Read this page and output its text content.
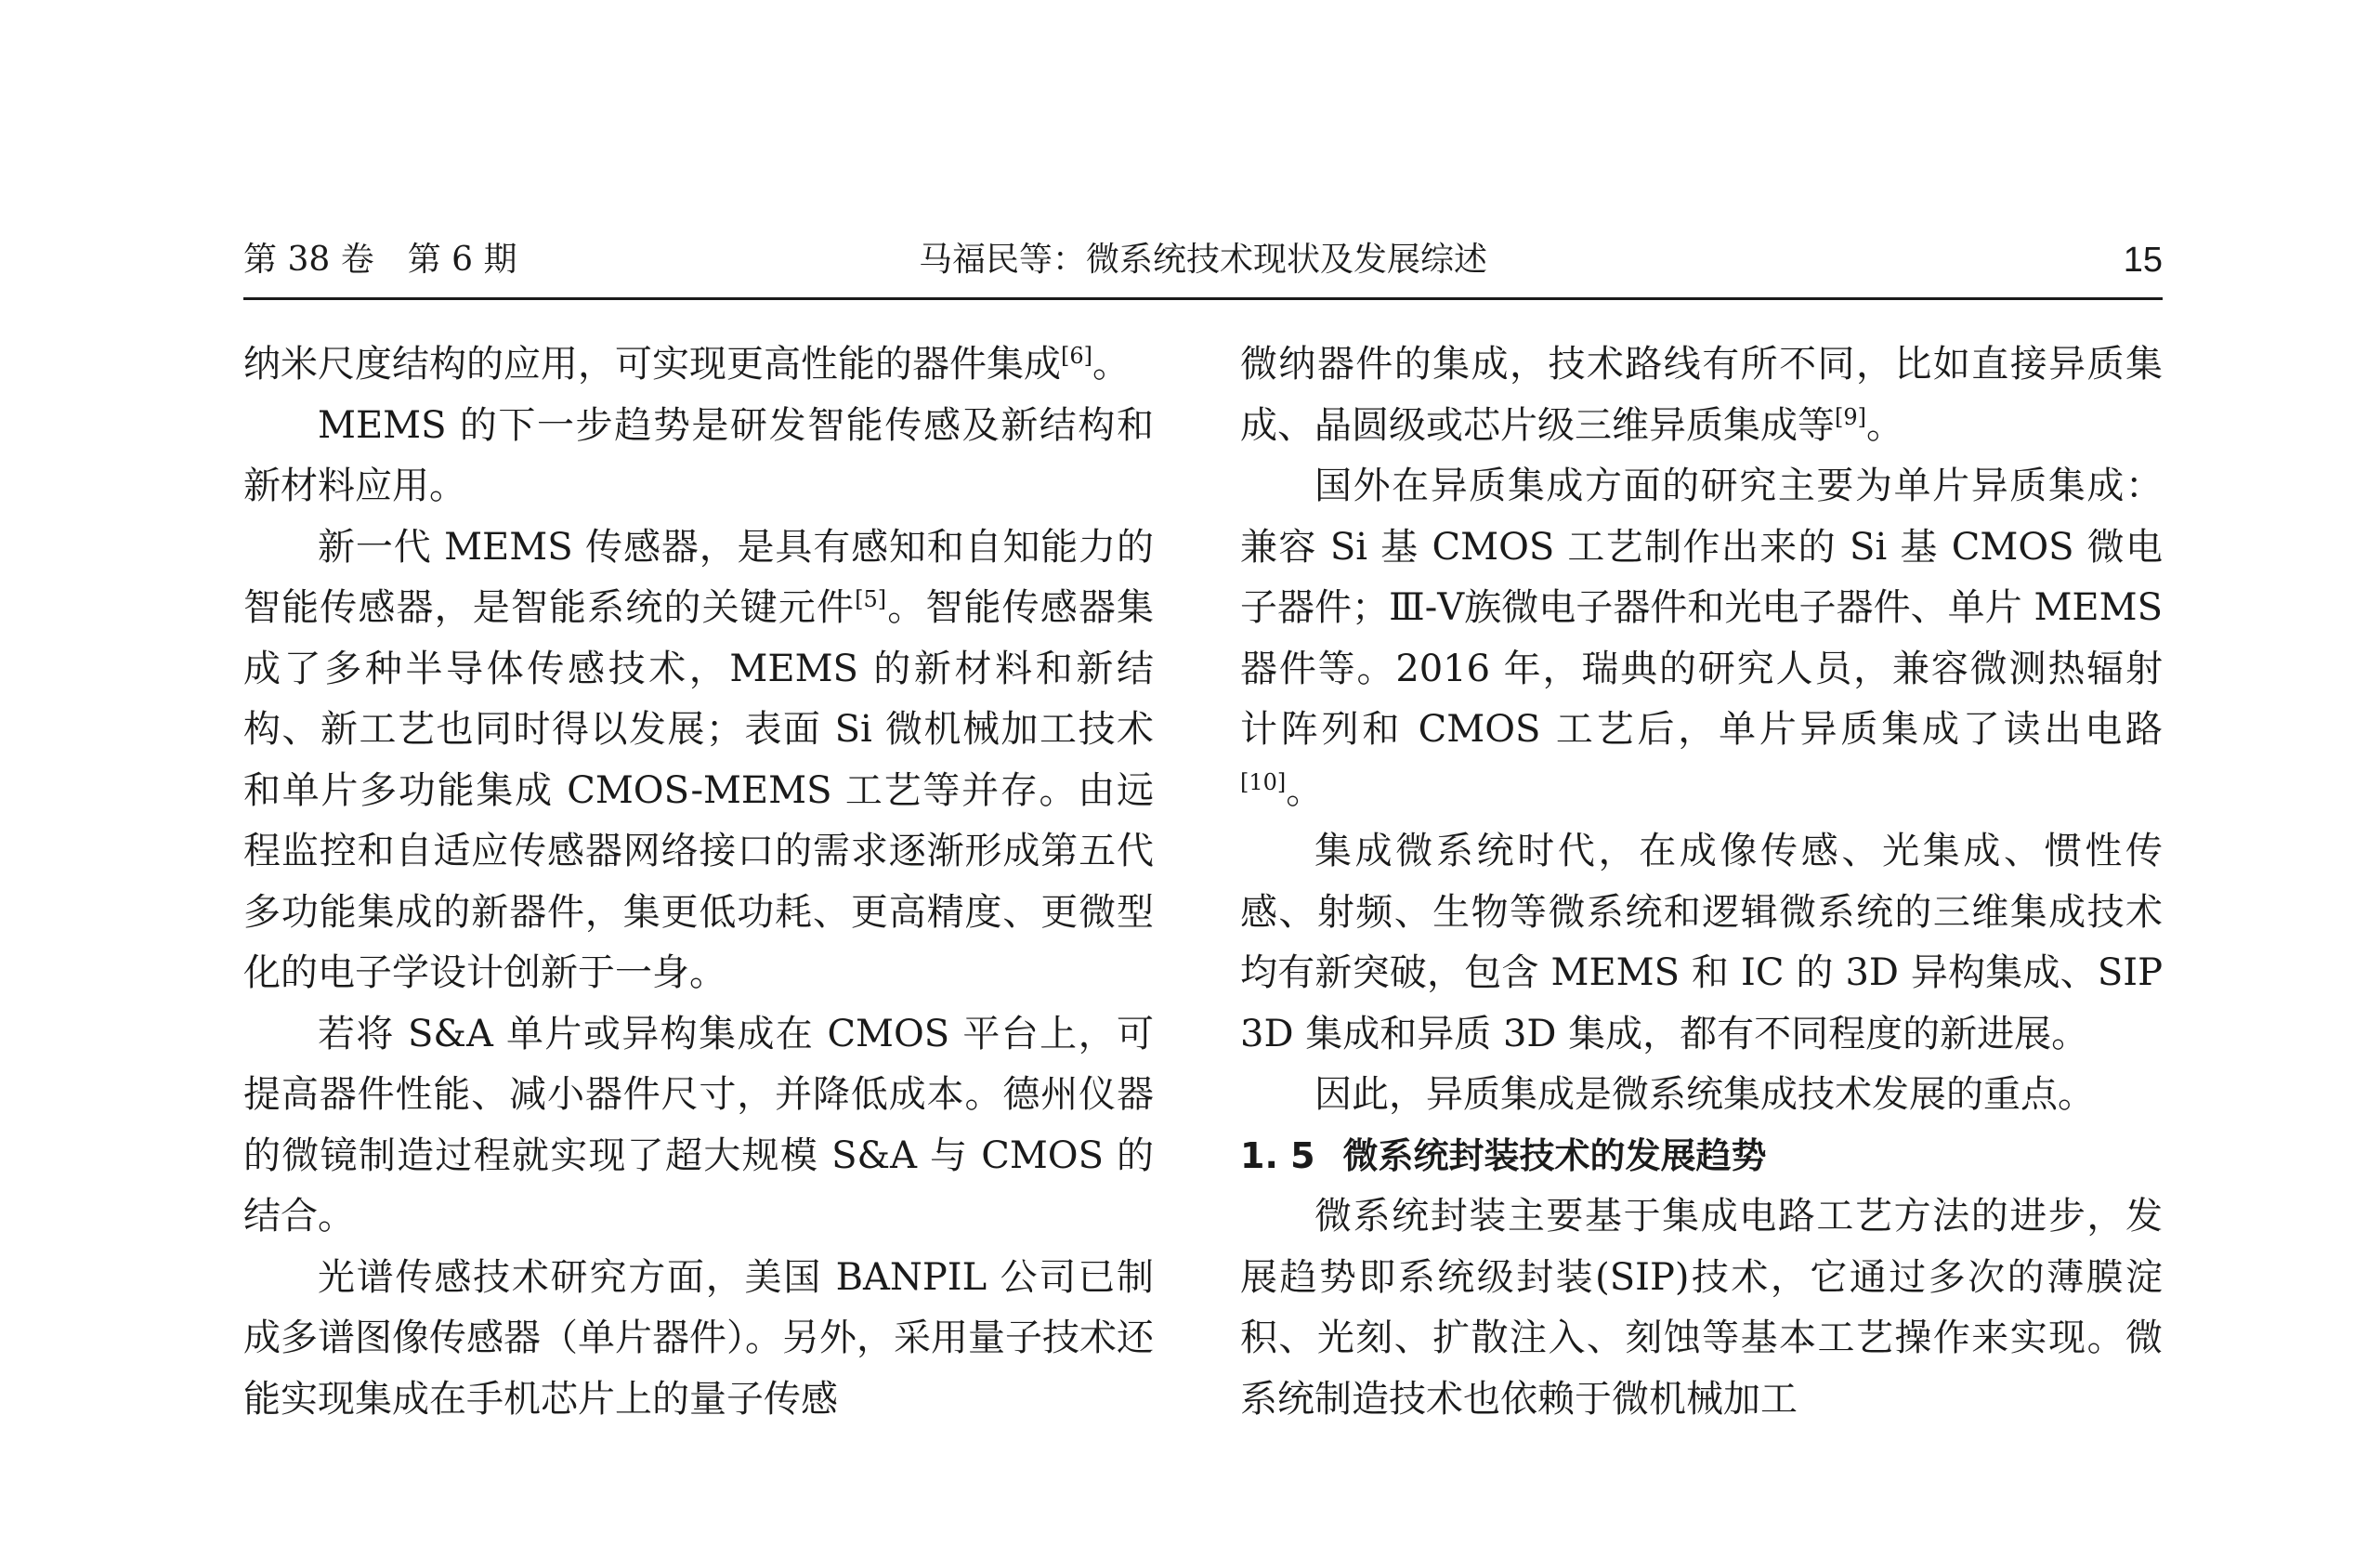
第 38 卷　第 6 期	马福民等：微系统技术现状及发展综述	15

纳米尺度结构的应用，可实现更高性能的器件集成[6]。

MEMS 的下一步趋势是研发智能传感及新结构和新材料应用。

新一代 MEMS 传感器，是具有感知和自知能力的智能传感器，是智能系统的关键元件[5]。智能传感器集成了多种半导体传感技术，MEMS 的新材料和新结构、新工艺也同时得以发展；表面 Si 微机械加工技术和单片多功能集成 CMOS-MEMS 工艺等并存。由远程监控和自适应传感器网络接口的需求逐渐形成第五代多功能集成的新器件，集更低功耗、更高精度、更微型化的电子学设计创新于一身。

若将 S&A 单片或异构集成在 CMOS 平台上，可提高器件性能、减小器件尺寸，并降低成本。德州仪器的微镜制造过程就实现了超大规模 S&A 与 CMOS 的结合。

光谱传感技术研究方面，美国 BANPIL 公司已制成多谱图像传感器（单片器件）。另外，采用量子技术还能实现集成在手机芯片上的量子传感

微纳器件的集成，技术路线有所不同，比如直接异质集成、晶圆级或芯片级三维异质集成等[9]。

国外在异质集成方面的研究主要为单片异质集成：兼容 Si 基 CMOS 工艺制作出来的 Si 基 CMOS 微电子器件；Ⅲ-Ⅴ族微电子器件和光电子器件、单片 MEMS 器件等。2016 年，瑞典的研究人员，兼容微测热辐射计阵列和 CMOS 工艺后，单片异质集成了读出电路[10]。

集成微系统时代，在成像传感、光集成、惯性传感、射频、生物等微系统和逻辑微系统的三维集成技术均有新突破，包含 MEMS 和 IC 的 3D 异构集成、SIP 3D 集成和异质 3D 集成，都有不同程度的新进展。

因此，异质集成是微系统集成技术发展的重点。

1. 5 微系统封装技术的发展趋势

微系统封装主要基于集成电路工艺方法的进步，发展趋势即系统级封装(SIP)技术，它通过多次的薄膜淀积、光刻、扩散注入、刻蚀等基本工艺操作来实现。微系统制造技术也依赖于微机械加工
